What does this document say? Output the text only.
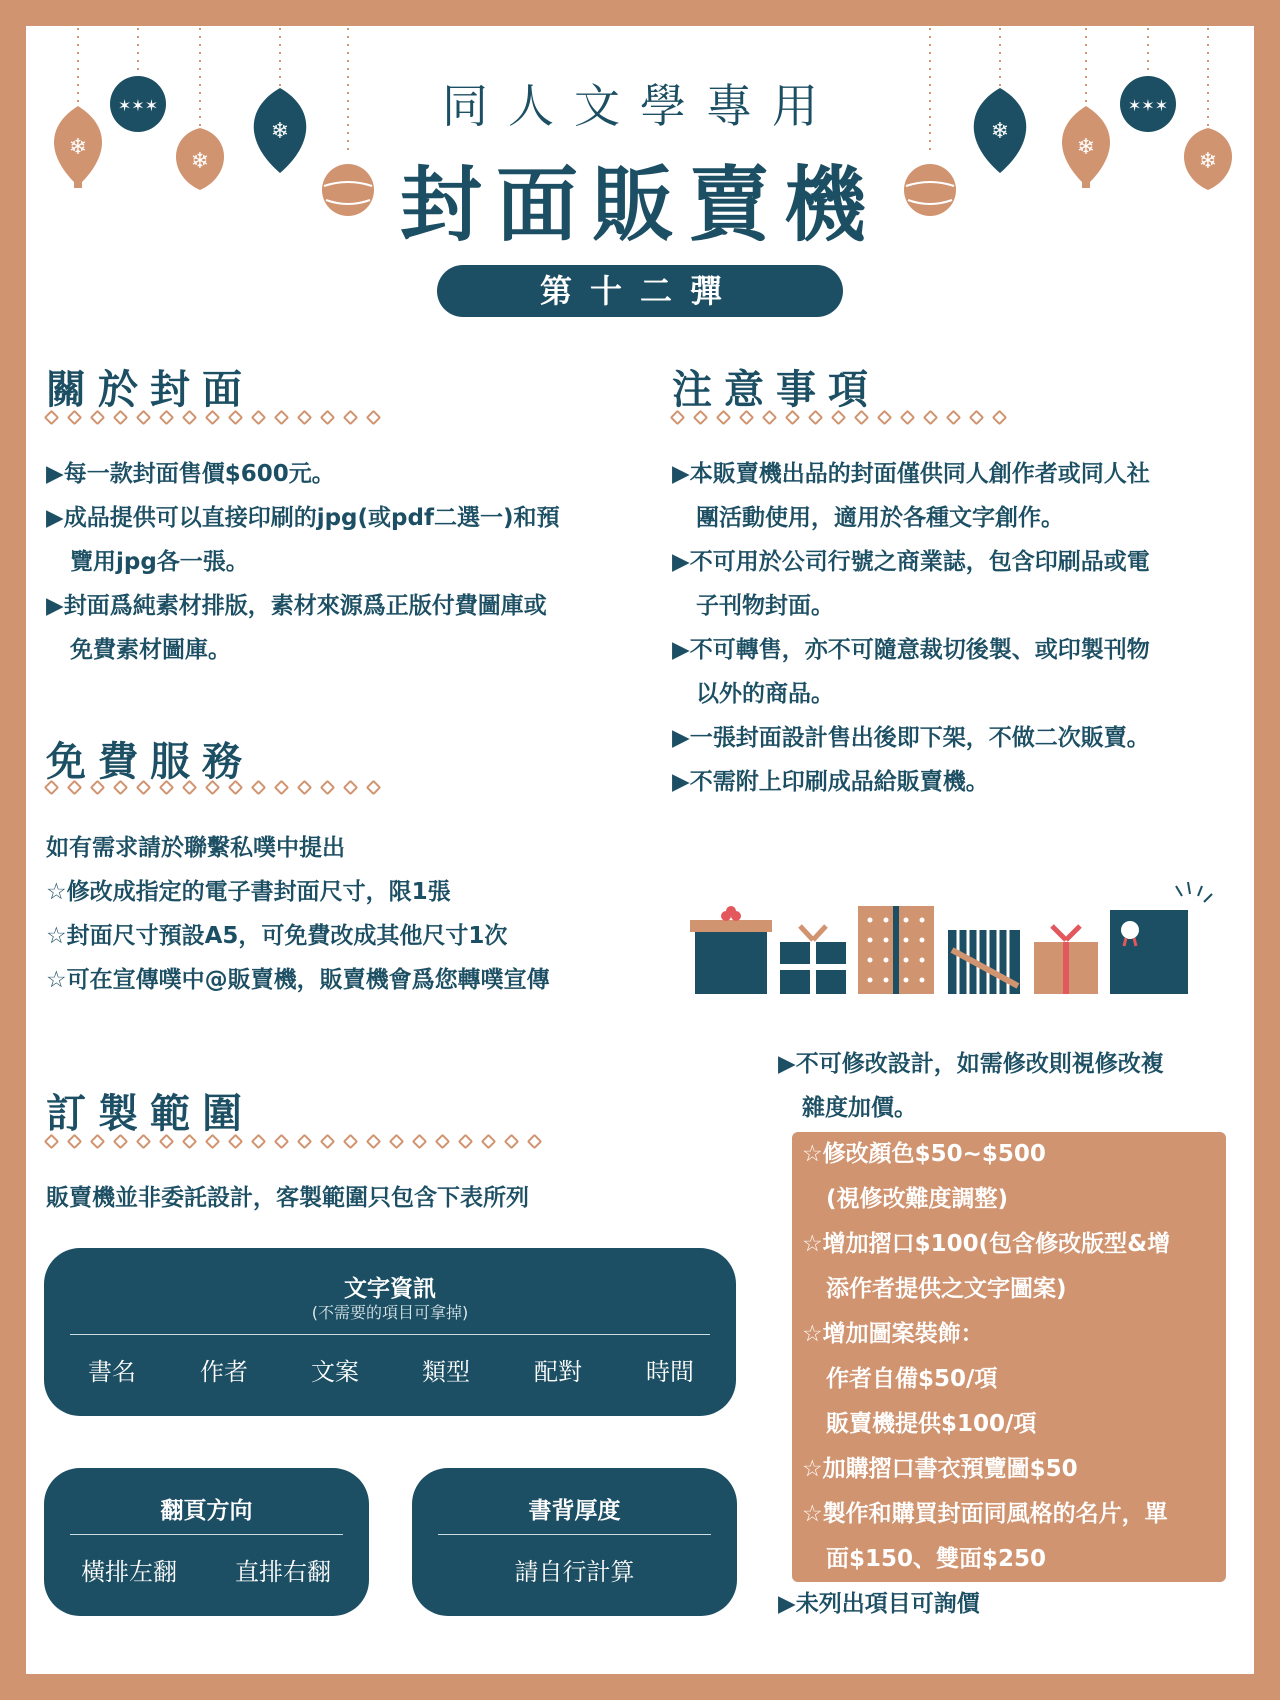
❄
✶✶✶
❄
❄	❄
❄
✶✶✶
❄
同人文學專用
封面販賣機
第十二彈
關於封面
▶每一款封面售價$600元。
▶成品提供可以直接印刷的jpg(或pdf二選一)和預
覽用jpg各一張。
▶封面爲純素材排版，素材來源爲正版付費圖庫或
免費素材圖庫。
免費服務
如有需求請於聯繫私噗中提出
☆修改成指定的電子書封面尺寸，限1張
☆封面尺寸預設A5，可免費改成其他尺寸1次
☆可在宣傳噗中@販賣機，販賣機會爲您轉噗宣傳
注意事項
▶本販賣機出品的封面僅供同人創作者或同人社
團活動使用，適用於各種文字創作。
▶不可用於公司行號之商業誌，包含印刷品或電
子刊物封面。
▶不可轉售，亦不可隨意裁切後製、或印製刊物
以外的商品。
▶一張封面設計售出後即下架，不做二次販賣。
▶不需附上印刷成品給販賣機。
訂製範圍
販賣機並非委託設計，客製範圍只包含下表所列
文字資訊
(不需要的項目可拿掉)
書名	作者	文案	類型	配對	時間
翻頁方向
橫排左翻	直排右翻
書背厚度
請自行計算
▶不可修改設計，如需修改則視修改複
雜度加價。
☆修改顏色$50~$500
(視修改難度調整)
☆增加摺口$100(包含修改版型&增
添作者提供之文字圖案)
☆增加圖案裝飾：
作者自備$50/項
販賣機提供$100/項
☆加購摺口書衣預覽圖$50
☆製作和購買封面同風格的名片，單
面$150、雙面$250
▶未列出項目可詢價
